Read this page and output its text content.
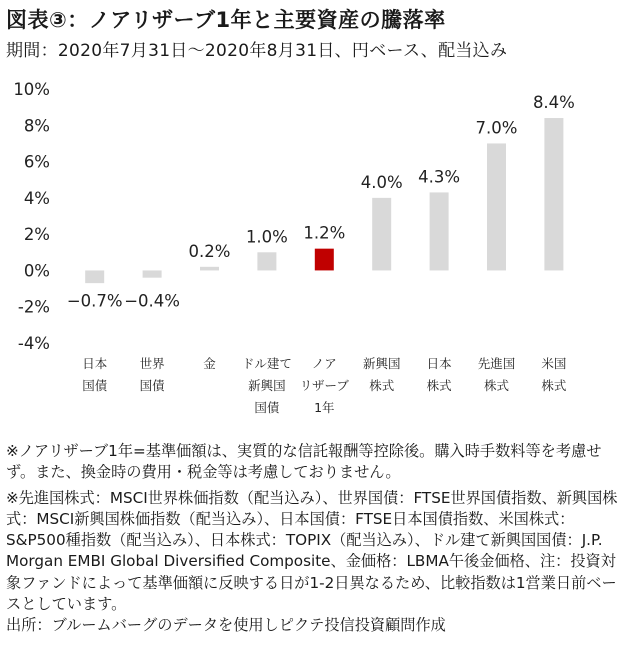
図表③：ノアリザーブ1年と主要資産の騰落率
期間：2020年7月31日～2020年8月31日、円ベース、配当込み
10%
8%
6%
4%
2%
0%
-2%
-4%
−0.7% −0.4%
0.2%
1.0% 1.2%
4.0% 4.3%
7.0%
8.4%
日本
国債
世界
国債
金 ドル建て
新興国
国債
ノア
リザーブ
1年
新興国
株式
日本
株式
先進国
株式
米国
株式

※ノアリザーブ1年=基準価額は、実質的な信託報酬等控除後。購入時手数料等を考慮せず。また、換金時の費用・税金等は考慮しておりません。

※先進国株式：MSCI世界株価指数（配当込み）、世界国債：FTSE世界国債指数、新興国株式：MSCI新興国株価指数（配当込み）、日本国債：FTSE日本国債指数、米国株式：S&P500種指数（配当込み）、日本株式：TOPIX（配当込み）、ドル建て新興国国債：J.P. Morgan EMBI Global Diversified Composite、金価格：LBMA午後金価格、注：投資対象ファンドによって基準価額に反映する日が1-2日異なるため、比較指数は1営業日前ベースとしています。

出所：ブルームバーグのデータを使用しピクテ投信投資顧問作成
